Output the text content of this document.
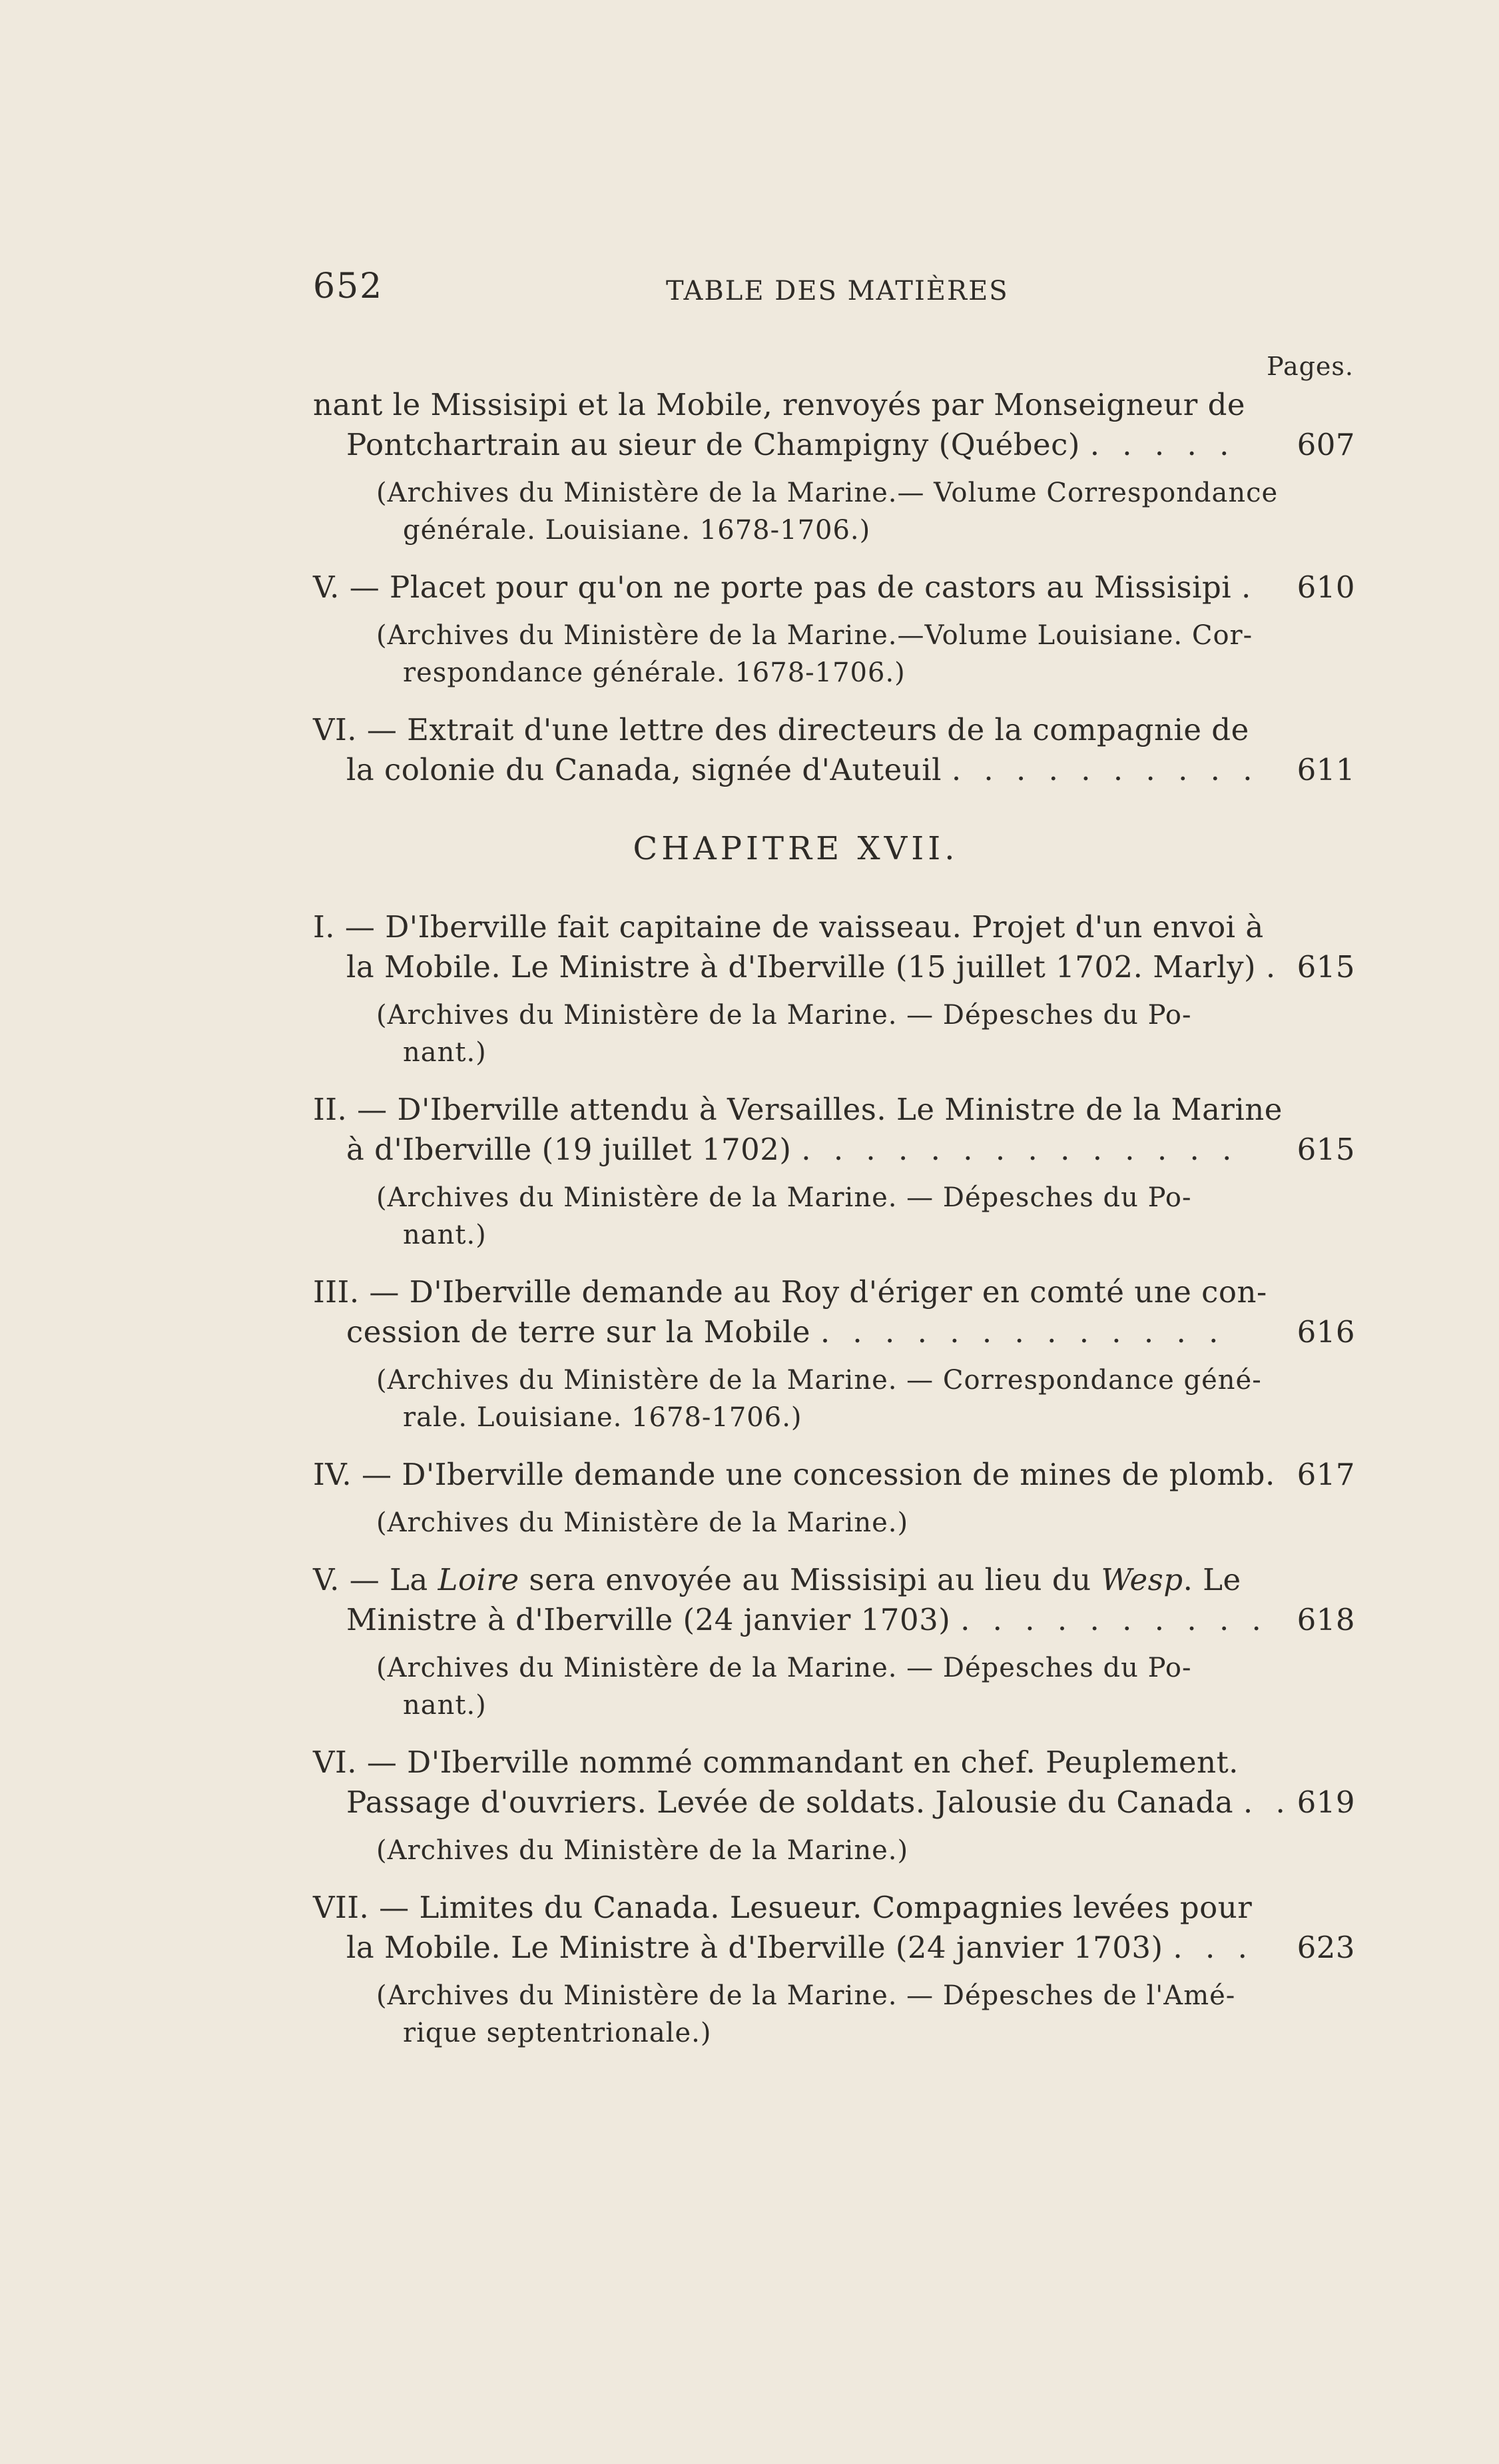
652	TABLE DES MATIÈRES
Pages.
nant le Missisipi et la Mobile, renvoyés par Monseigneur de
Pontchartrain au sieur de Champigny (Québec) . . . . .	607
(Archives du Ministère de la Marine.— Volume Correspondance
générale. Louisiane. 1678-1706.)
V. — Placet pour qu'on ne porte pas de castors au Missisipi .	610
(Archives du Ministère de la Marine.—Volume Louisiane. Cor-
respondance générale. 1678-1706.)
VI. — Extrait d'une lettre des directeurs de la compagnie de
la colonie du Canada, signée d'Auteuil . . . . . . . . . .	611
CHAPITRE XVII.
I. — D'Iberville fait capitaine de vaisseau. Projet d'un envoi à
la Mobile. Le Ministre à d'Iberville (15 juillet 1702. Marly) . 615
(Archives du Ministère de la Marine. — Dépesches du Po-
nant.)
II. — D'Iberville attendu à Versailles. Le Ministre de la Marine
à d'Iberville (19 juillet 1702) . . . . . . . . . . . . . .	615
(Archives du Ministère de la Marine. — Dépesches du Po-
nant.)
III. — D'Iberville demande au Roy d'ériger en comté une con-
cession de terre sur la Mobile . . . . . . . . . . . . .	616
(Archives du Ministère de la Marine. — Correspondance géné-
rale. Louisiane. 1678-1706.)
IV. — D'Iberville demande une concession de mines de plomb. 617
(Archives du Ministère de la Marine.)
V. — La Loire sera envoyée au Missisipi au lieu du Wesp. Le
Ministre à d'Iberville (24 janvier 1703) . . . . . . . . . . 618
(Archives du Ministère de la Marine. — Dépesches du Po-
nant.)
VI. — D'Iberville nommé commandant en chef. Peuplement.
Passage d'ouvriers. Levée de soldats. Jalousie du Canada . . 619
(Archives du Ministère de la Marine.)
VII. — Limites du Canada. Lesueur. Compagnies levées pour
la Mobile. Le Ministre à d'Iberville (24 janvier 1703) . . .	623
(Archives du Ministère de la Marine. — Dépesches de l'Amé-
rique septentrionale.)
